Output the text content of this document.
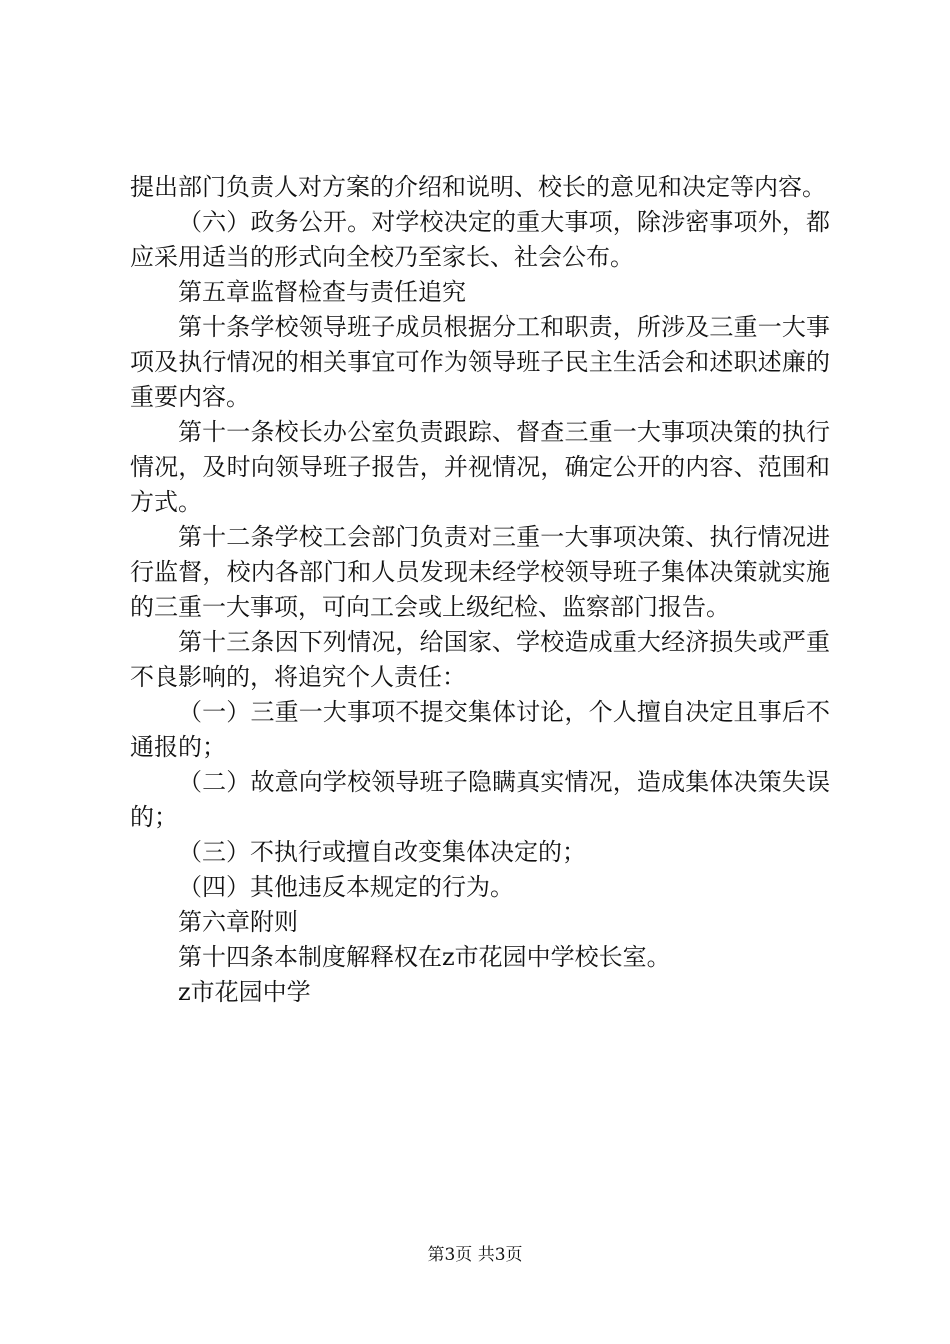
提出部门负责人对方案的介绍和说明、校长的意见和决定等内容。

（六）政务公开。对学校决定的重大事项，除涉密事项外，都应采用适当的形式向全校乃至家长、社会公布。

第五章监督检查与责任追究

第十条学校领导班子成员根据分工和职责，所涉及三重一大事项及执行情况的相关事宜可作为领导班子民主生活会和述职述廉的重要内容。

第十一条校长办公室负责跟踪、督查三重一大事项决策的执行情况，及时向领导班子报告，并视情况，确定公开的内容、范围和方式。

第十二条学校工会部门负责对三重一大事项决策、执行情况进行监督，校内各部门和人员发现未经学校领导班子集体决策就实施的三重一大事项，可向工会或上级纪检、监察部门报告。

第十三条因下列情况，给国家、学校造成重大经济损失或严重不良影响的，将追究个人责任：

（一）三重一大事项不提交集体讨论，个人擅自决定且事后不通报的；

（二）故意向学校领导班子隐瞒真实情况，造成集体决策失误的；

（三）不执行或擅自改变集体决定的；

（四）其他违反本规定的行为。

第六章附则

第十四条本制度解释权在z市花园中学校长室。

z市花园中学

第3页 共3页
